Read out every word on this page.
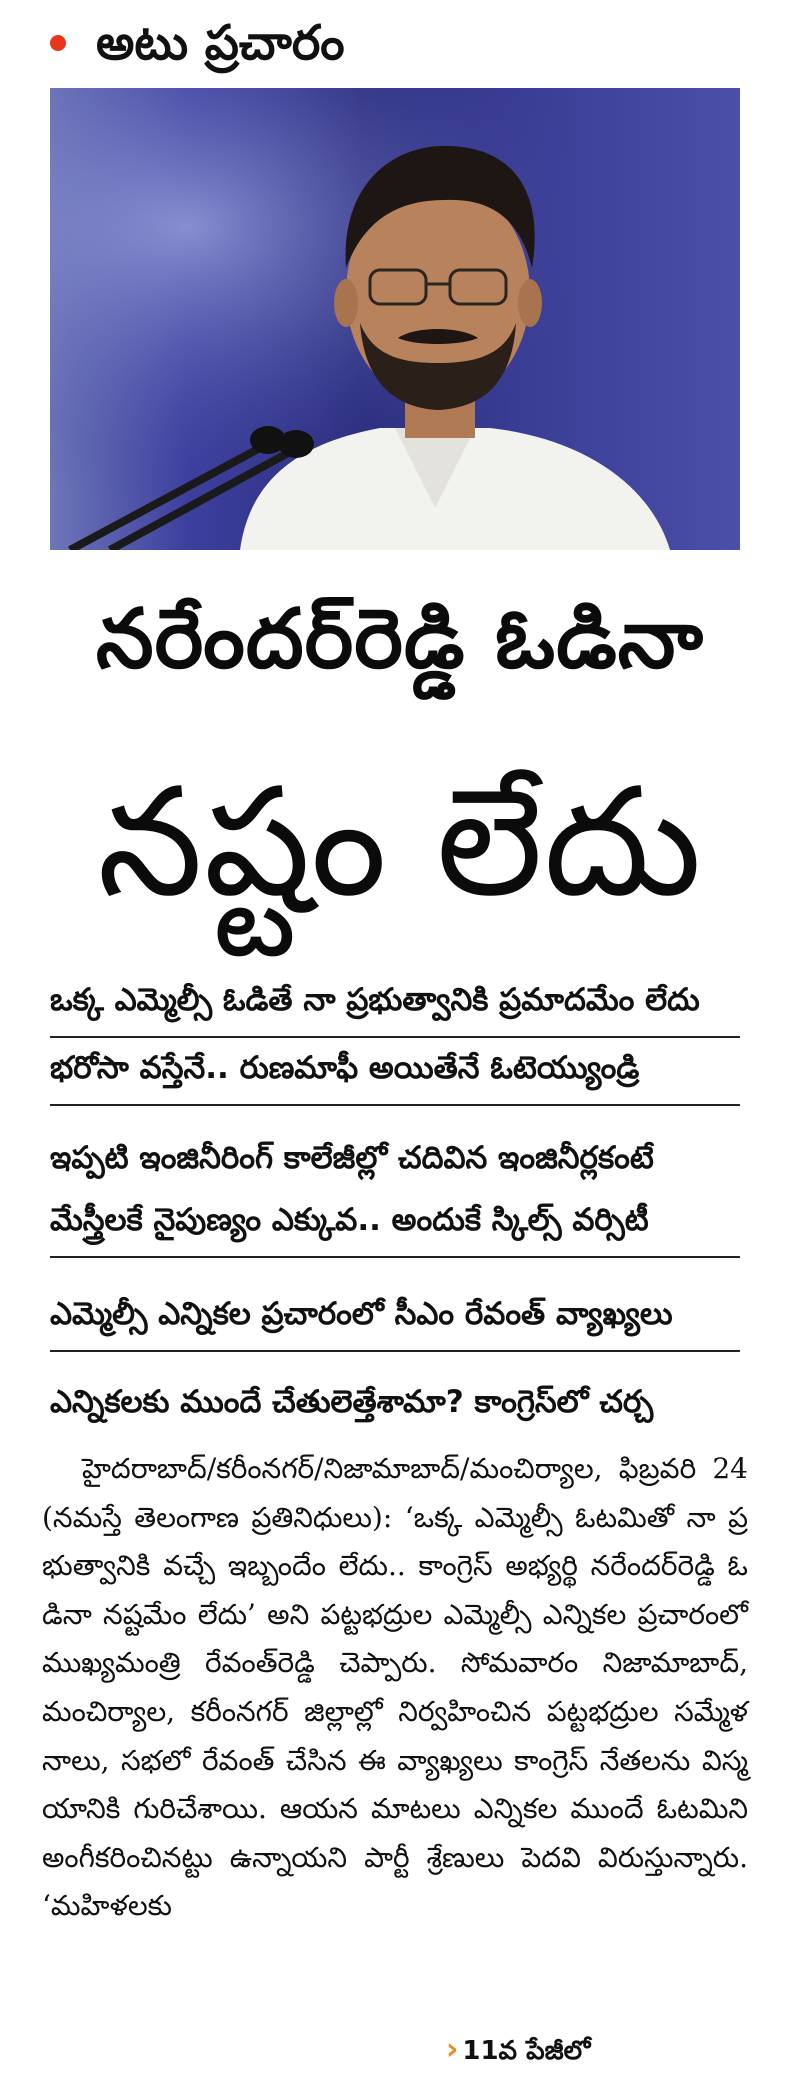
అటు ప్రచారం
నరేందర్‌రెడ్డి ఓడినా
నష్టం లేదు
ఒక్క ఎమ్మెల్సీ ఓడితే నా ప్రభుత్వానికి ప్రమాదమేం లేదు
భరోసా వస్తేనే.. రుణమాఫీ అయితేనే ఓటెయ్యుండ్రి
ఇప్పటి ఇంజినీరింగ్ కాలేజీల్లో చదివిన ఇంజినీర్లకంటే
మేస్త్రీలకే నైపుణ్యం ఎక్కువ.. అందుకే స్కిల్స్ వర్సిటీ
ఎమ్మెల్సీ ఎన్నికల ప్రచారంలో సీఎం రేవంత్ వ్యాఖ్యలు
ఎన్నికలకు ముందే చేతులెత్తేశామా? కాంగ్రెస్‌లో చర్చ
హైదరాబాద్/కరీంనగర్/నిజామాబాద్/మంచిర్యాల, ఫిబ్రవరి 24 (నమస్తే తెలంగాణ ప్రతినిధులు): ‘ఒక్క ఎమ్మెల్సీ ఓటమితో నా ప్రభుత్వానికి వచ్చే ఇబ్బందేం లేదు.. కాంగ్రెస్ అభ్యర్థి నరేందర్‌రెడ్డి ఓడినా నష్టమేం లేదు’ అని పట్టభద్రుల ఎమ్మెల్సీ ఎన్నికల ప్రచారంలో ముఖ్యమంత్రి రేవంత్‌రెడ్డి చెప్పారు. సోమవారం నిజామాబాద్, మంచిర్యాల, కరీంనగర్ జిల్లాల్లో నిర్వహించిన పట్టభద్రుల సమ్మేళనాలు, సభలో రేవంత్ చేసిన ఈ వ్యాఖ్యలు కాంగ్రెస్ నేతలను విస్మయానికి గురిచేశాయి. ఆయన మాటలు ఎన్నికల ముందే ఓటమిని అంగీకరించినట్టు ఉన్నాయని పార్టీ శ్రేణులు పెదవి విరుస్తున్నారు. ‘మహిళలకు
› 11వ పేజీలో
